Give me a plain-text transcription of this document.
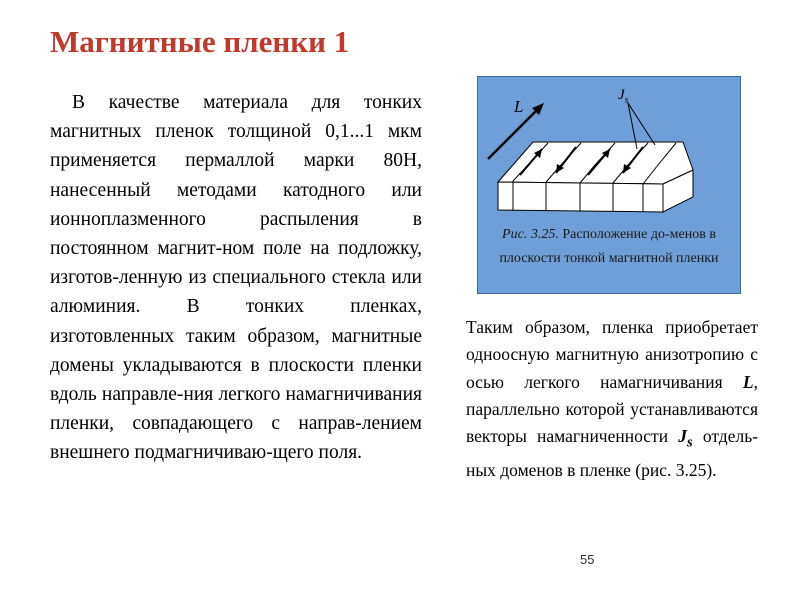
Магнитные пленки 1
В качестве материала для тонких магнитных пленок толщиной 0,1...1 мкм применяется пермаллой марки 80Н, нанесенный методами катодного или ионноплазменного распыления в постоянном магнит-ном поле на подложку, изготов-ленную из специального стекла или алюминия. В тонких пленках, изготовленных таким образом, магнитные домены укладываются в плоскости пленки вдоль направле-ния легкого намагничивания пленки, совпадающего с направ-лением внешнего подмагничиваю-щего поля.
L
$J_s$
Рис. 3.25. Расположение до-менов в плоскости тонкой магнитной пленки
Таким образом, пленка приобретает одноосную магнитную анизотропию с осью легкого намагничивания L, параллельно которой устанавливаются векторы намагниченности $J_s$ отдель-ных доменов в пленке (рис. 3.25).
55
